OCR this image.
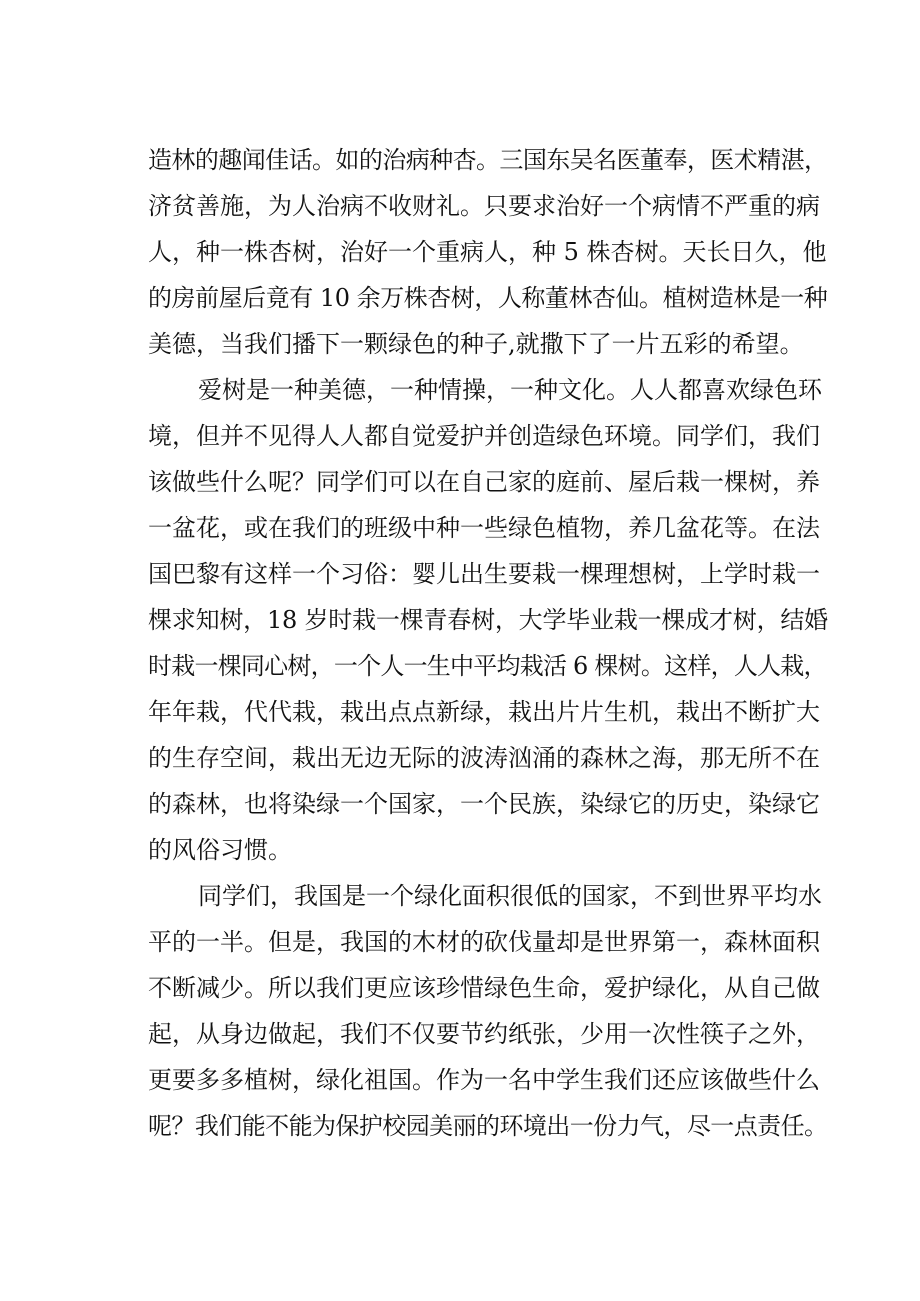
造林的趣闻佳话。如的治病种杏。三国东吴名医董奉，医术精湛，
济贫善施，为人治病不收财礼。只要求治好一个病情不严重的病
人，种一株杏树，治好一个重病人，种 5 株杏树。天长日久，他
的房前屋后竟有 10 余万株杏树，人称董林杏仙。植树造林是一种
美德，当我们播下一颗绿色的种子,就撒下了一片五彩的希望。
爱树是一种美德，一种情操，一种文化。人人都喜欢绿色环
境，但并不见得人人都自觉爱护并创造绿色环境。同学们，我们
该做些什么呢？同学们可以在自己家的庭前、屋后栽一棵树，养
一盆花，或在我们的班级中种一些绿色植物，养几盆花等。在法
国巴黎有这样一个习俗：婴儿出生要栽一棵理想树，上学时栽一
棵求知树，18 岁时栽一棵青春树，大学毕业栽一棵成才树，结婚
时栽一棵同心树，一个人一生中平均栽活 6 棵树。这样，人人栽，
年年栽，代代栽，栽出点点新绿，栽出片片生机，栽出不断扩大
的生存空间，栽出无边无际的波涛汹涌的森林之海，那无所不在
的森林，也将染绿一个国家，一个民族，染绿它的历史，染绿它
的风俗习惯。
同学们，我国是一个绿化面积很低的国家，不到世界平均水
平的一半。但是，我国的木材的砍伐量却是世界第一，森林面积
不断减少。所以我们更应该珍惜绿色生命，爱护绿化，从自己做
起，从身边做起，我们不仅要节约纸张，少用一次性筷子之外，
更要多多植树，绿化祖国。作为一名中学生我们还应该做些什么
呢？我们能不能为保护校园美丽的环境出一份力气，尽一点责任。
